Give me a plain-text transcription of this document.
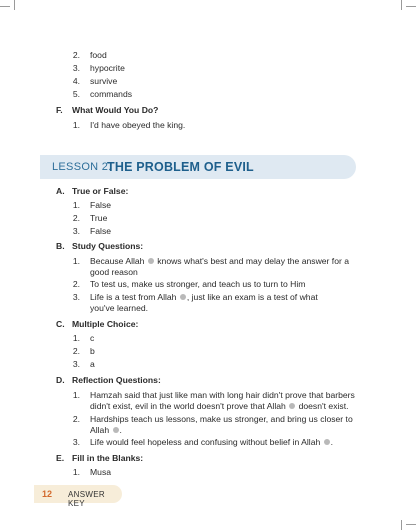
2. food
3. hypocrite
4. survive
5. commands
F. What Would You Do?
1. I'd have obeyed the king.
LESSON 2.
THE PROBLEM OF EVIL
A. True or False:
1. False
2. True
3. False
B. Study Questions:
1. Because Allah knows what's best and may delay the answer for a
good reason
2. To test us, make us stronger, and teach us to turn to Him
3. Life is a test from Allah , just like an exam is a test of what
you've learned.
C. Multiple Choice:
1. c
2. b
3. a
D. Reflection Questions:
1. Hamzah said that just like man with long hair didn't prove that barbers
didn't exist, evil in the world doesn't prove that Allah doesn't exist.
2. Hardships teach us lessons, make us stronger, and bring us closer to
Allah .
3. Life would feel hopeless and confusing without belief in Allah .
E. Fill in the Blanks:
1. Musa
12 ANSWER KEY
